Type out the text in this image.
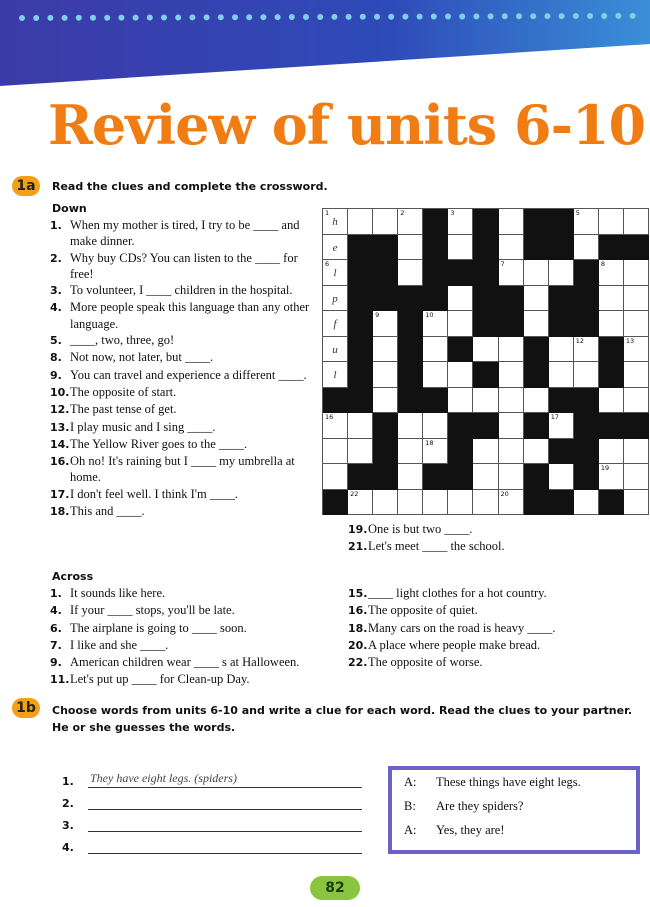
Review of units 6-10
1a	Read the clues and complete the crossword.
Down
1. When my mother is tired, I try to be ____ and make dinner.
2. Why buy CDs? You can listen to the ____ for free!
3. To volunteer, I ____ children in the hospital.
4. More people speak this language than any other language.
5. ____, two, three, go!
8. Not now, not later, but ____.
9. You can travel and experience a different ____.
10. The opposite of start.
12. The past tense of get.
13. I play music and I sing ____.
14. The Yellow River goes to the ____.
16. Oh no! It's raining but I ____ my umbrella at home.
17. I don't feel well. I think I'm ____.
18. This and ____.
19. One is but two ____.
21. Let's meet ____ the school.
1
h
2	3	5
e
6
l
7	8
p
f
9	10
u
12	13
l
16	17
18
19
22	20
Across
1. It sounds like here.
4. If your ____ stops, you'll be late.
6. The airplane is going to ____ soon.
7. I like and she ____.
9. American children wear ____ s at Halloween.
11. Let's put up ____ for Clean-up Day.
15. ____ light clothes for a hot country.
16. The opposite of quiet.
18. Many cars on the road is heavy ____.
20. A place where people make bread.
22. The opposite of worse.
1b	Choose words from units 6-10 and write a clue for each word. Read the clues to your partner. He or she guesses the words.
1.	They have eight legs. (spiders)
2.
3.
4.
A:	These things have eight legs.
B:	Are they spiders?
A:	Yes, they are!
82
